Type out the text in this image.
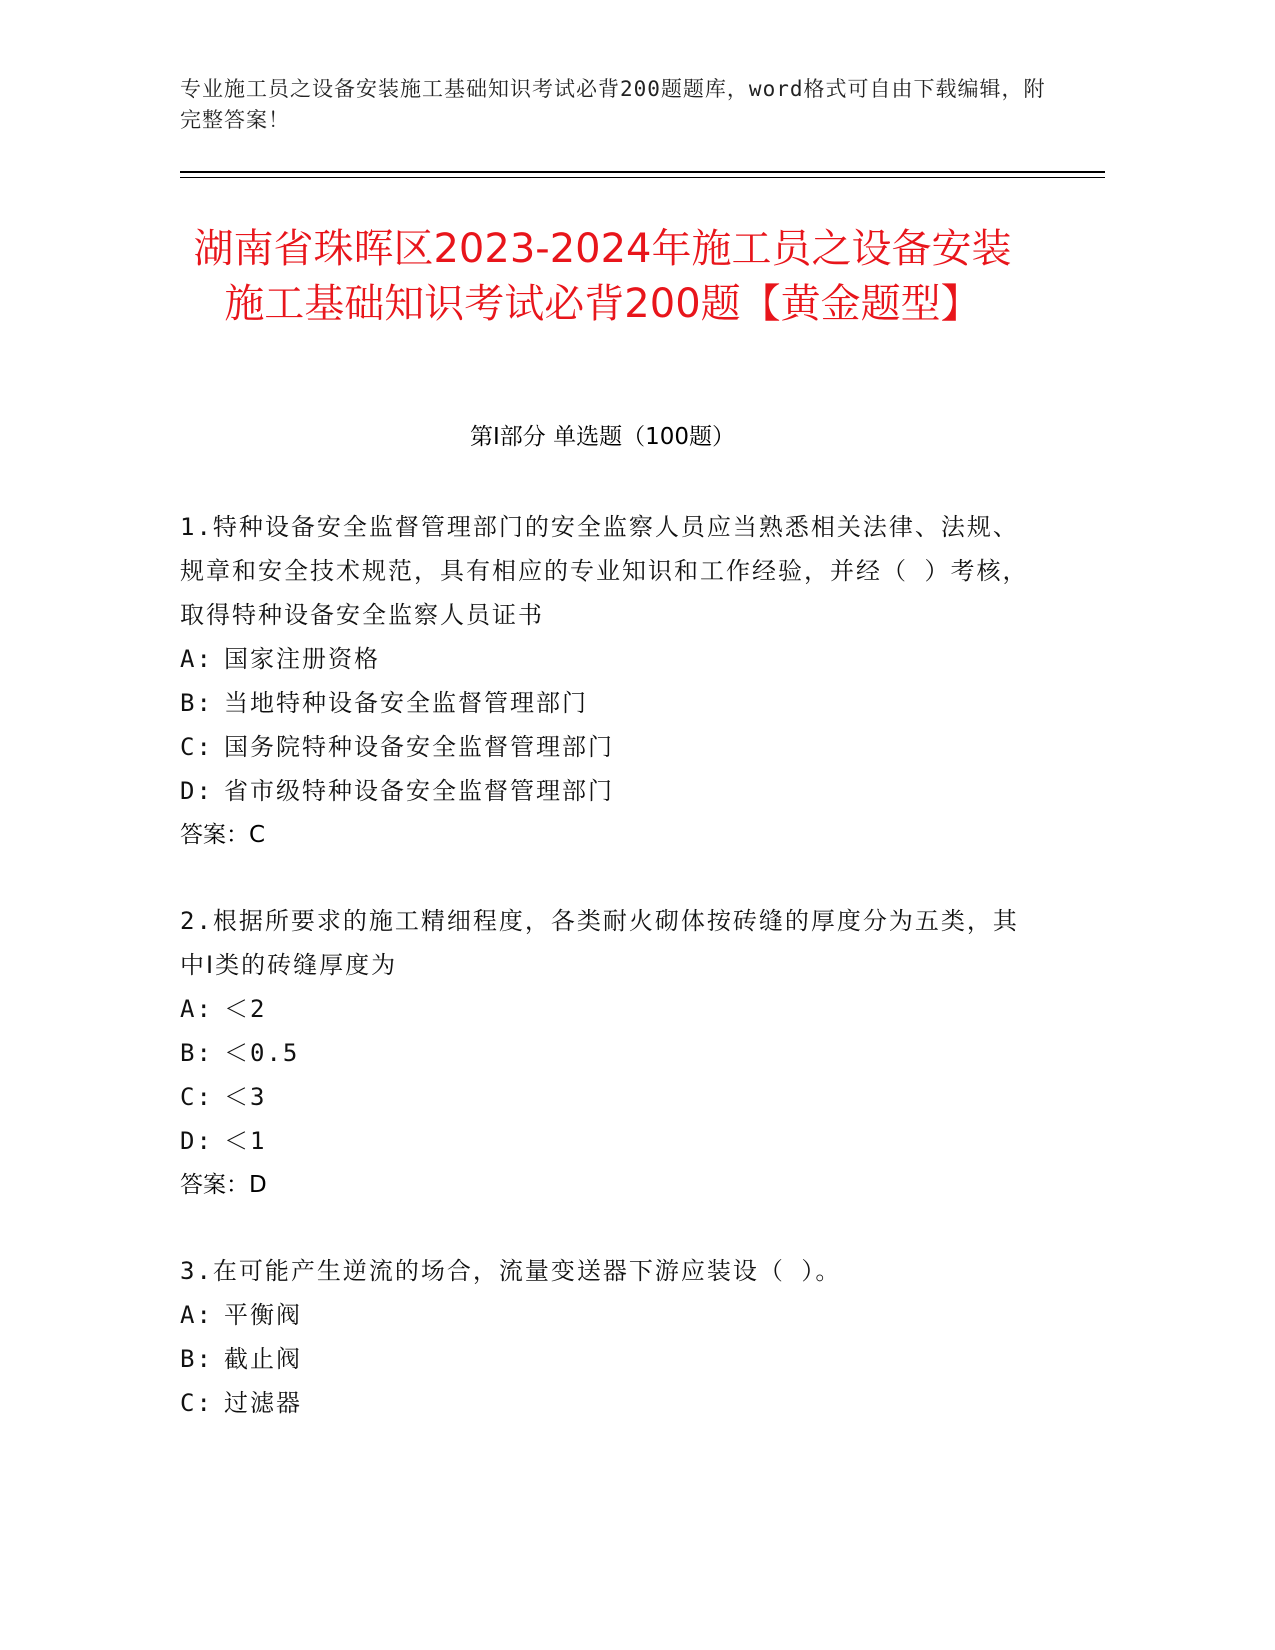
专业施工员之设备安装施工基础知识考试必背200题题库，word格式可自由下载编辑，附完整答案！
湖南省珠晖区2023-2024年施工员之设备安装施工基础知识考试必背200题【黄金题型】
第Ⅰ部分 单选题（100题）
1.特种设备安全监督管理部门的安全监察人员应当熟悉相关法律、法规、规章和安全技术规范，具有相应的专业知识和工作经验，并经（ ）考核，取得特种设备安全监察人员证书
A: 国家注册资格
B: 当地特种设备安全监督管理部门
C: 国务院特种设备安全监督管理部门
D: 省市级特种设备安全监督管理部门
答案：C
2.根据所要求的施工精细程度，各类耐火砌体按砖缝的厚度分为五类，其中Ⅰ类的砖缝厚度为
A: ＜2
B: ＜0.5
C: ＜3
D: ＜1
答案：D
3.在可能产生逆流的场合，流量变送器下游应装设（ ）。
A: 平衡阀
B: 截止阀
C: 过滤器
